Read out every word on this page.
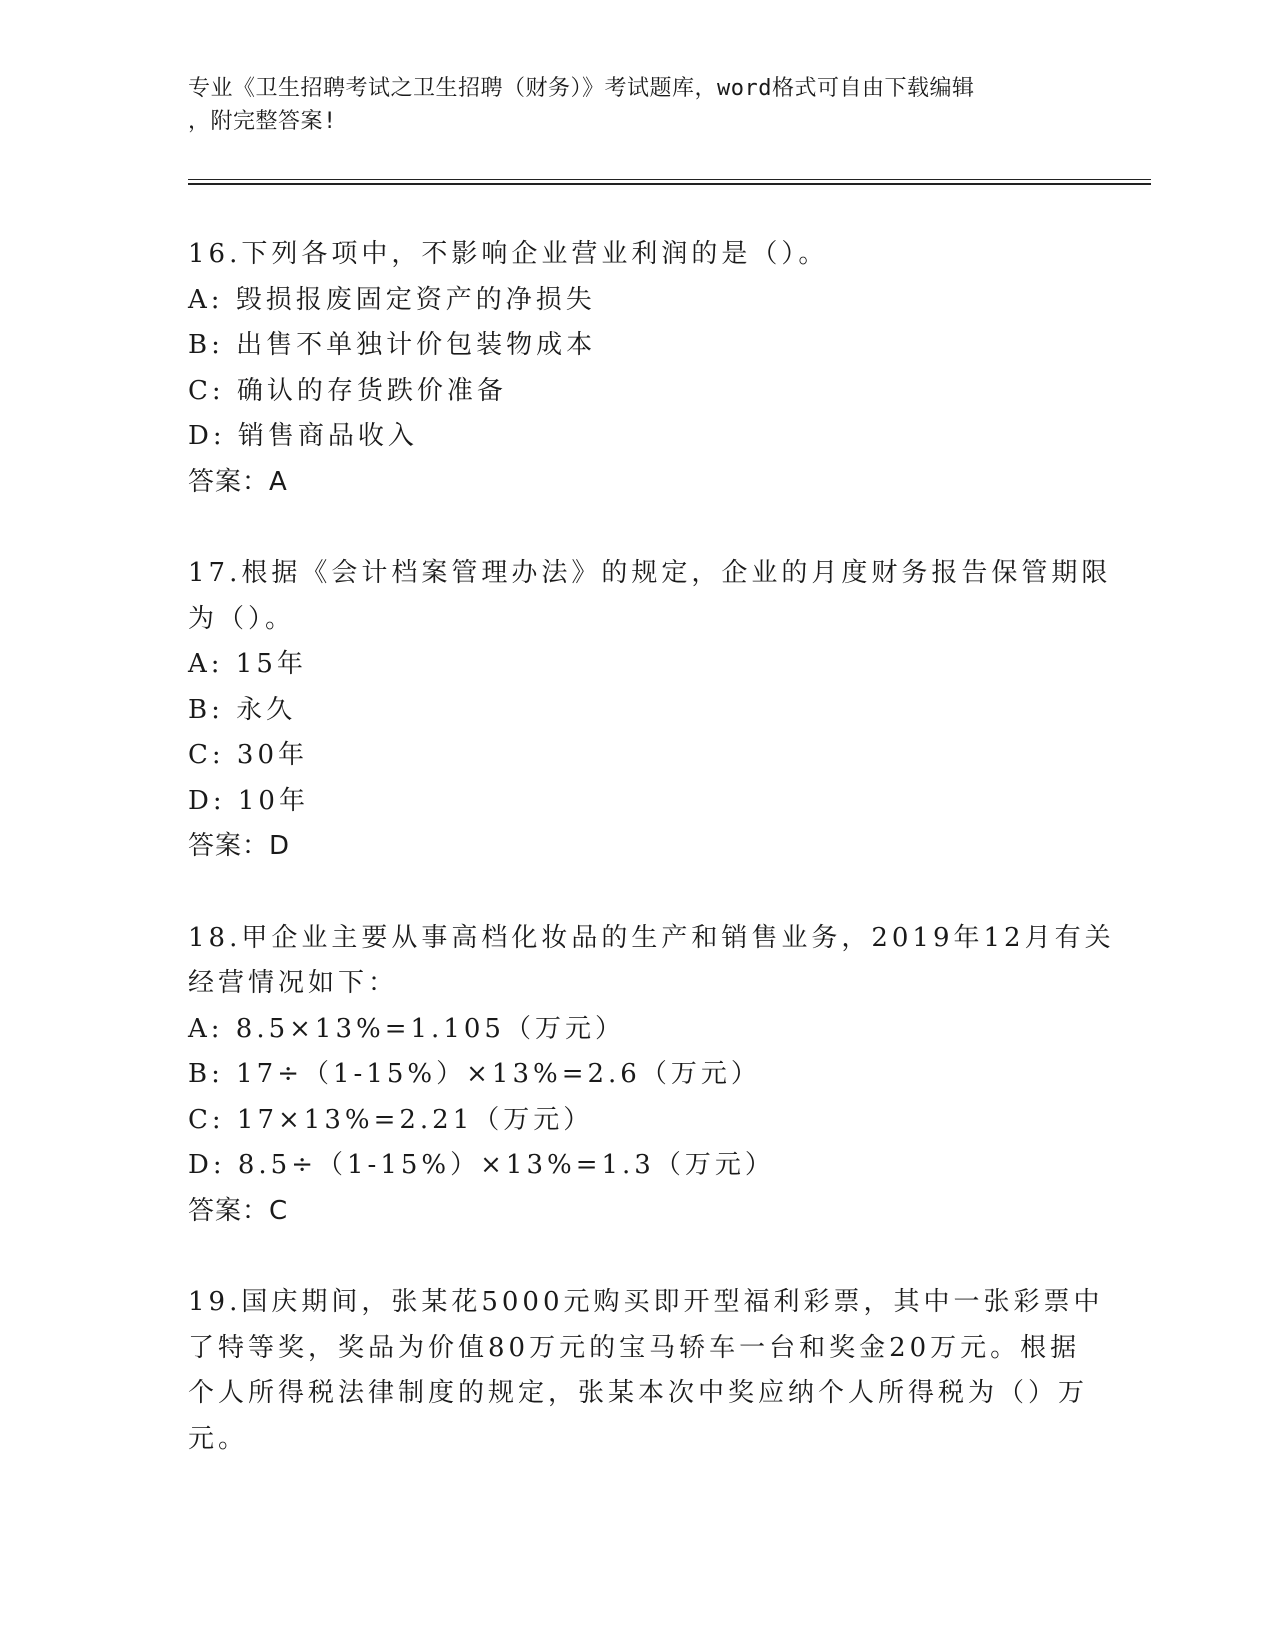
专业《卫生招聘考试之卫生招聘（财务）》考试题库，word格式可自由下载编辑
，附完整答案!
16.下列各项中，不影响企业营业利润的是（）。
A: 毁损报废固定资产的净损失
B: 出售不单独计价包装物成本
C: 确认的存货跌价准备
D: 销售商品收入
答案：A
17.根据《会计档案管理办法》的规定，企业的月度财务报告保管期限
为（）。
A: 15年
B: 永久
C: 30年
D: 10年
答案：D
18.甲企业主要从事高档化妆品的生产和销售业务，2019年12月有关
经营情况如下：
A: 8.5×13%=1.105（万元）
B: 17÷（1-15%）×13%=2.6（万元）
C: 17×13%=2.21（万元）
D: 8.5÷（1-15%）×13%=1.3（万元）
答案：C
19.国庆期间，张某花5000元购买即开型福利彩票，其中一张彩票中
了特等奖，奖品为价值80万元的宝马轿车一台和奖金20万元。根据
个人所得税法律制度的规定，张某本次中奖应纳个人所得税为（）万
元。
